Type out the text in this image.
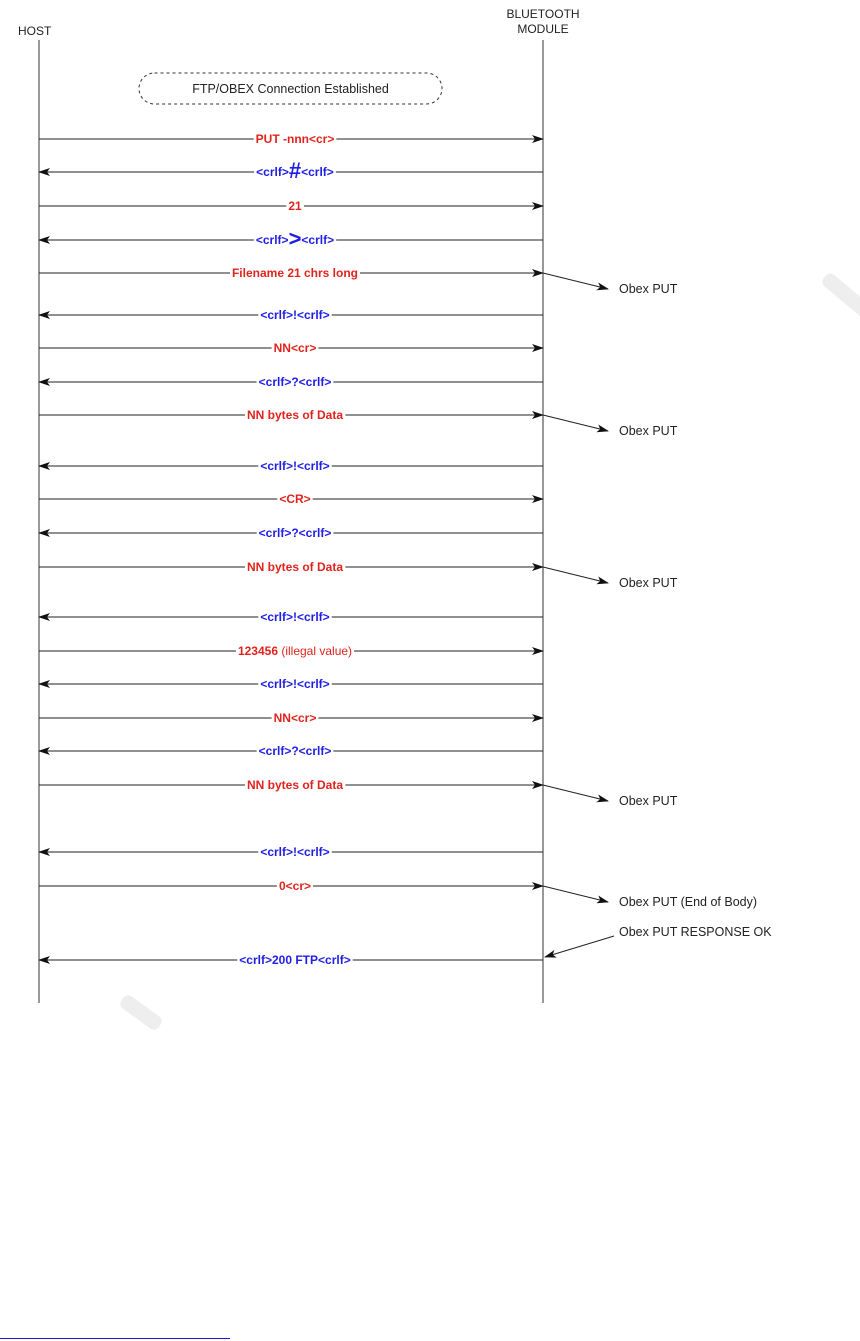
HOST
BLUETOOTH
MODULE
FTP/OBEX Connection Established
PUT -nnn<cr>
<crlf>#<crlf>
21
<crlf>><crlf>
Filename 21 chrs long
Obex PUT
<crlf>!<crlf>
NN<cr>
<crlf>?<crlf>
NN bytes of Data
Obex PUT
<crlf>!<crlf>
<CR>
<crlf>?<crlf>
NN bytes of Data
Obex PUT
<crlf>!<crlf>
123456 (illegal value)
<crlf>!<crlf>
NN<cr>
<crlf>?<crlf>
NN bytes of Data
Obex PUT
<crlf>!<crlf>
0<cr>
Obex PUT (End of Body)
<crlf>200 FTP<crlf>
Obex PUT RESPONSE OK
